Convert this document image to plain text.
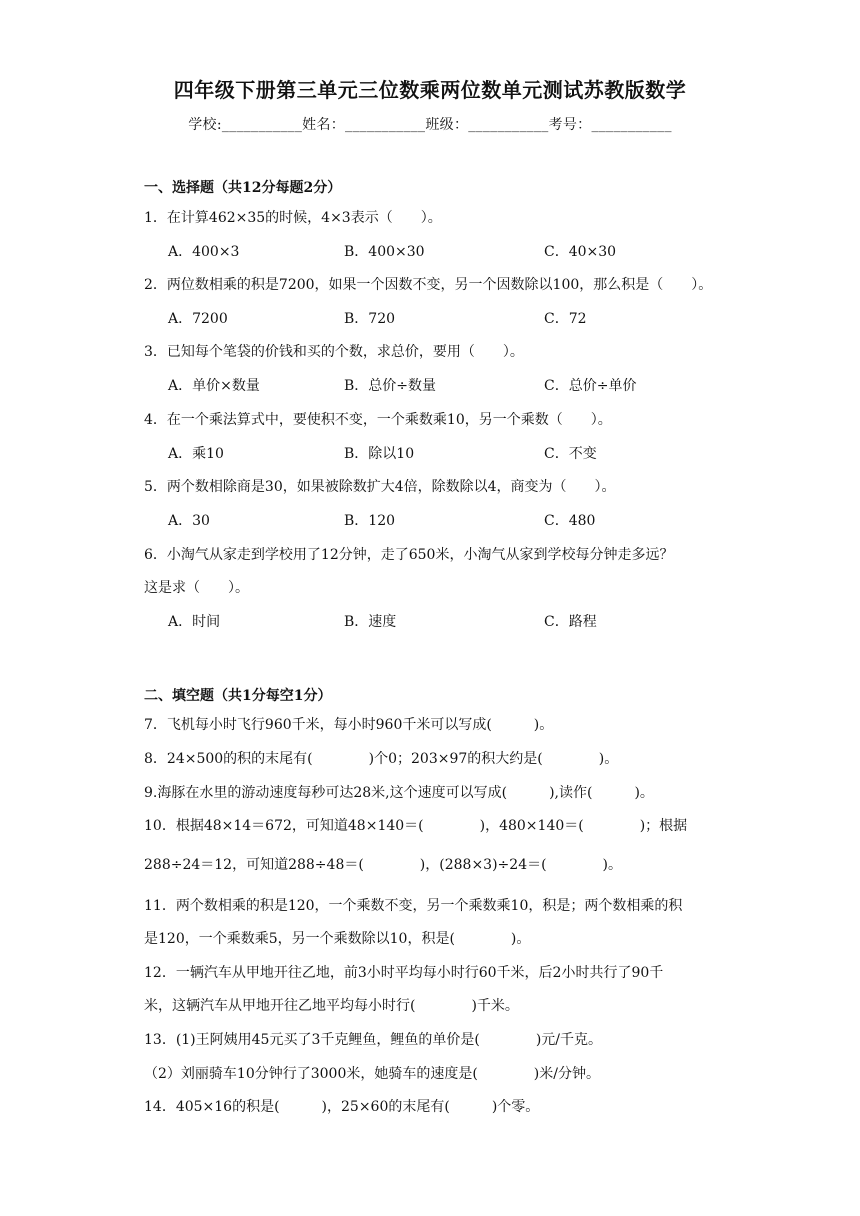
四年级下册第三单元三位数乘两位数单元测试苏教版数学
学校:___________姓名：___________班级：___________考号：___________
一、选择题（共12分每题2分）
1．在计算462×35的时候，4×3表示（　　）。
A．400×3	B．400×30	C．40×30
2．两位数相乘的积是7200，如果一个因数不变，另一个因数除以100，那么积是（　　）。
A．7200	B．720	C．72
3．已知每个笔袋的价钱和买的个数，求总价，要用（　　）。
A．单价×数量	B．总价÷数量	C．总价÷单价
4．在一个乘法算式中，要使积不变，一个乘数乘10，另一个乘数（　　）。
A．乘10	B．除以10	C．不变
5．两个数相除商是30，如果被除数扩大4倍，除数除以4，商变为（　　）。
A．30	B．120	C．480
6．小淘气从家走到学校用了12分钟，走了650米，小淘气从家到学校每分钟走多远？
这是求（　　）。
A．时间	B．速度	C．路程
二、填空题（共1分每空1分）
7．飞机每小时飞行960千米，每小时960千米可以写成(　　　)。
8．24×500的积的末尾有(　　　　)个0；203×97的积大约是(　　　　)。
9.海豚在水里的游动速度每秒可达28米,这个速度可以写成(　　　),读作(　　　)。
10．根据48×14＝672，可知道48×140＝(　　　　)，480×140＝(　　　　)；根据
288÷24＝12，可知道288÷48＝(　　　　)，(288×3)÷24＝(　　　　)。
11．两个数相乘的积是120，一个乘数不变，另一个乘数乘10，积是；两个数相乘的积
是120，一个乘数乘5，另一个乘数除以10，积是(　　　　)。
12．一辆汽车从甲地开往乙地，前3小时平均每小时行60千米，后2小时共行了90千
米，这辆汽车从甲地开往乙地平均每小时行(　　　　)千米。
13．(1)王阿姨用45元买了3千克鲤鱼，鲤鱼的单价是(　　　　)元/千克。
（2）刘丽骑车10分钟行了3000米，她骑车的速度是(　　　　)米/分钟。
14．405×16的积是(　　　)，25×60的末尾有(　　　)个零。
